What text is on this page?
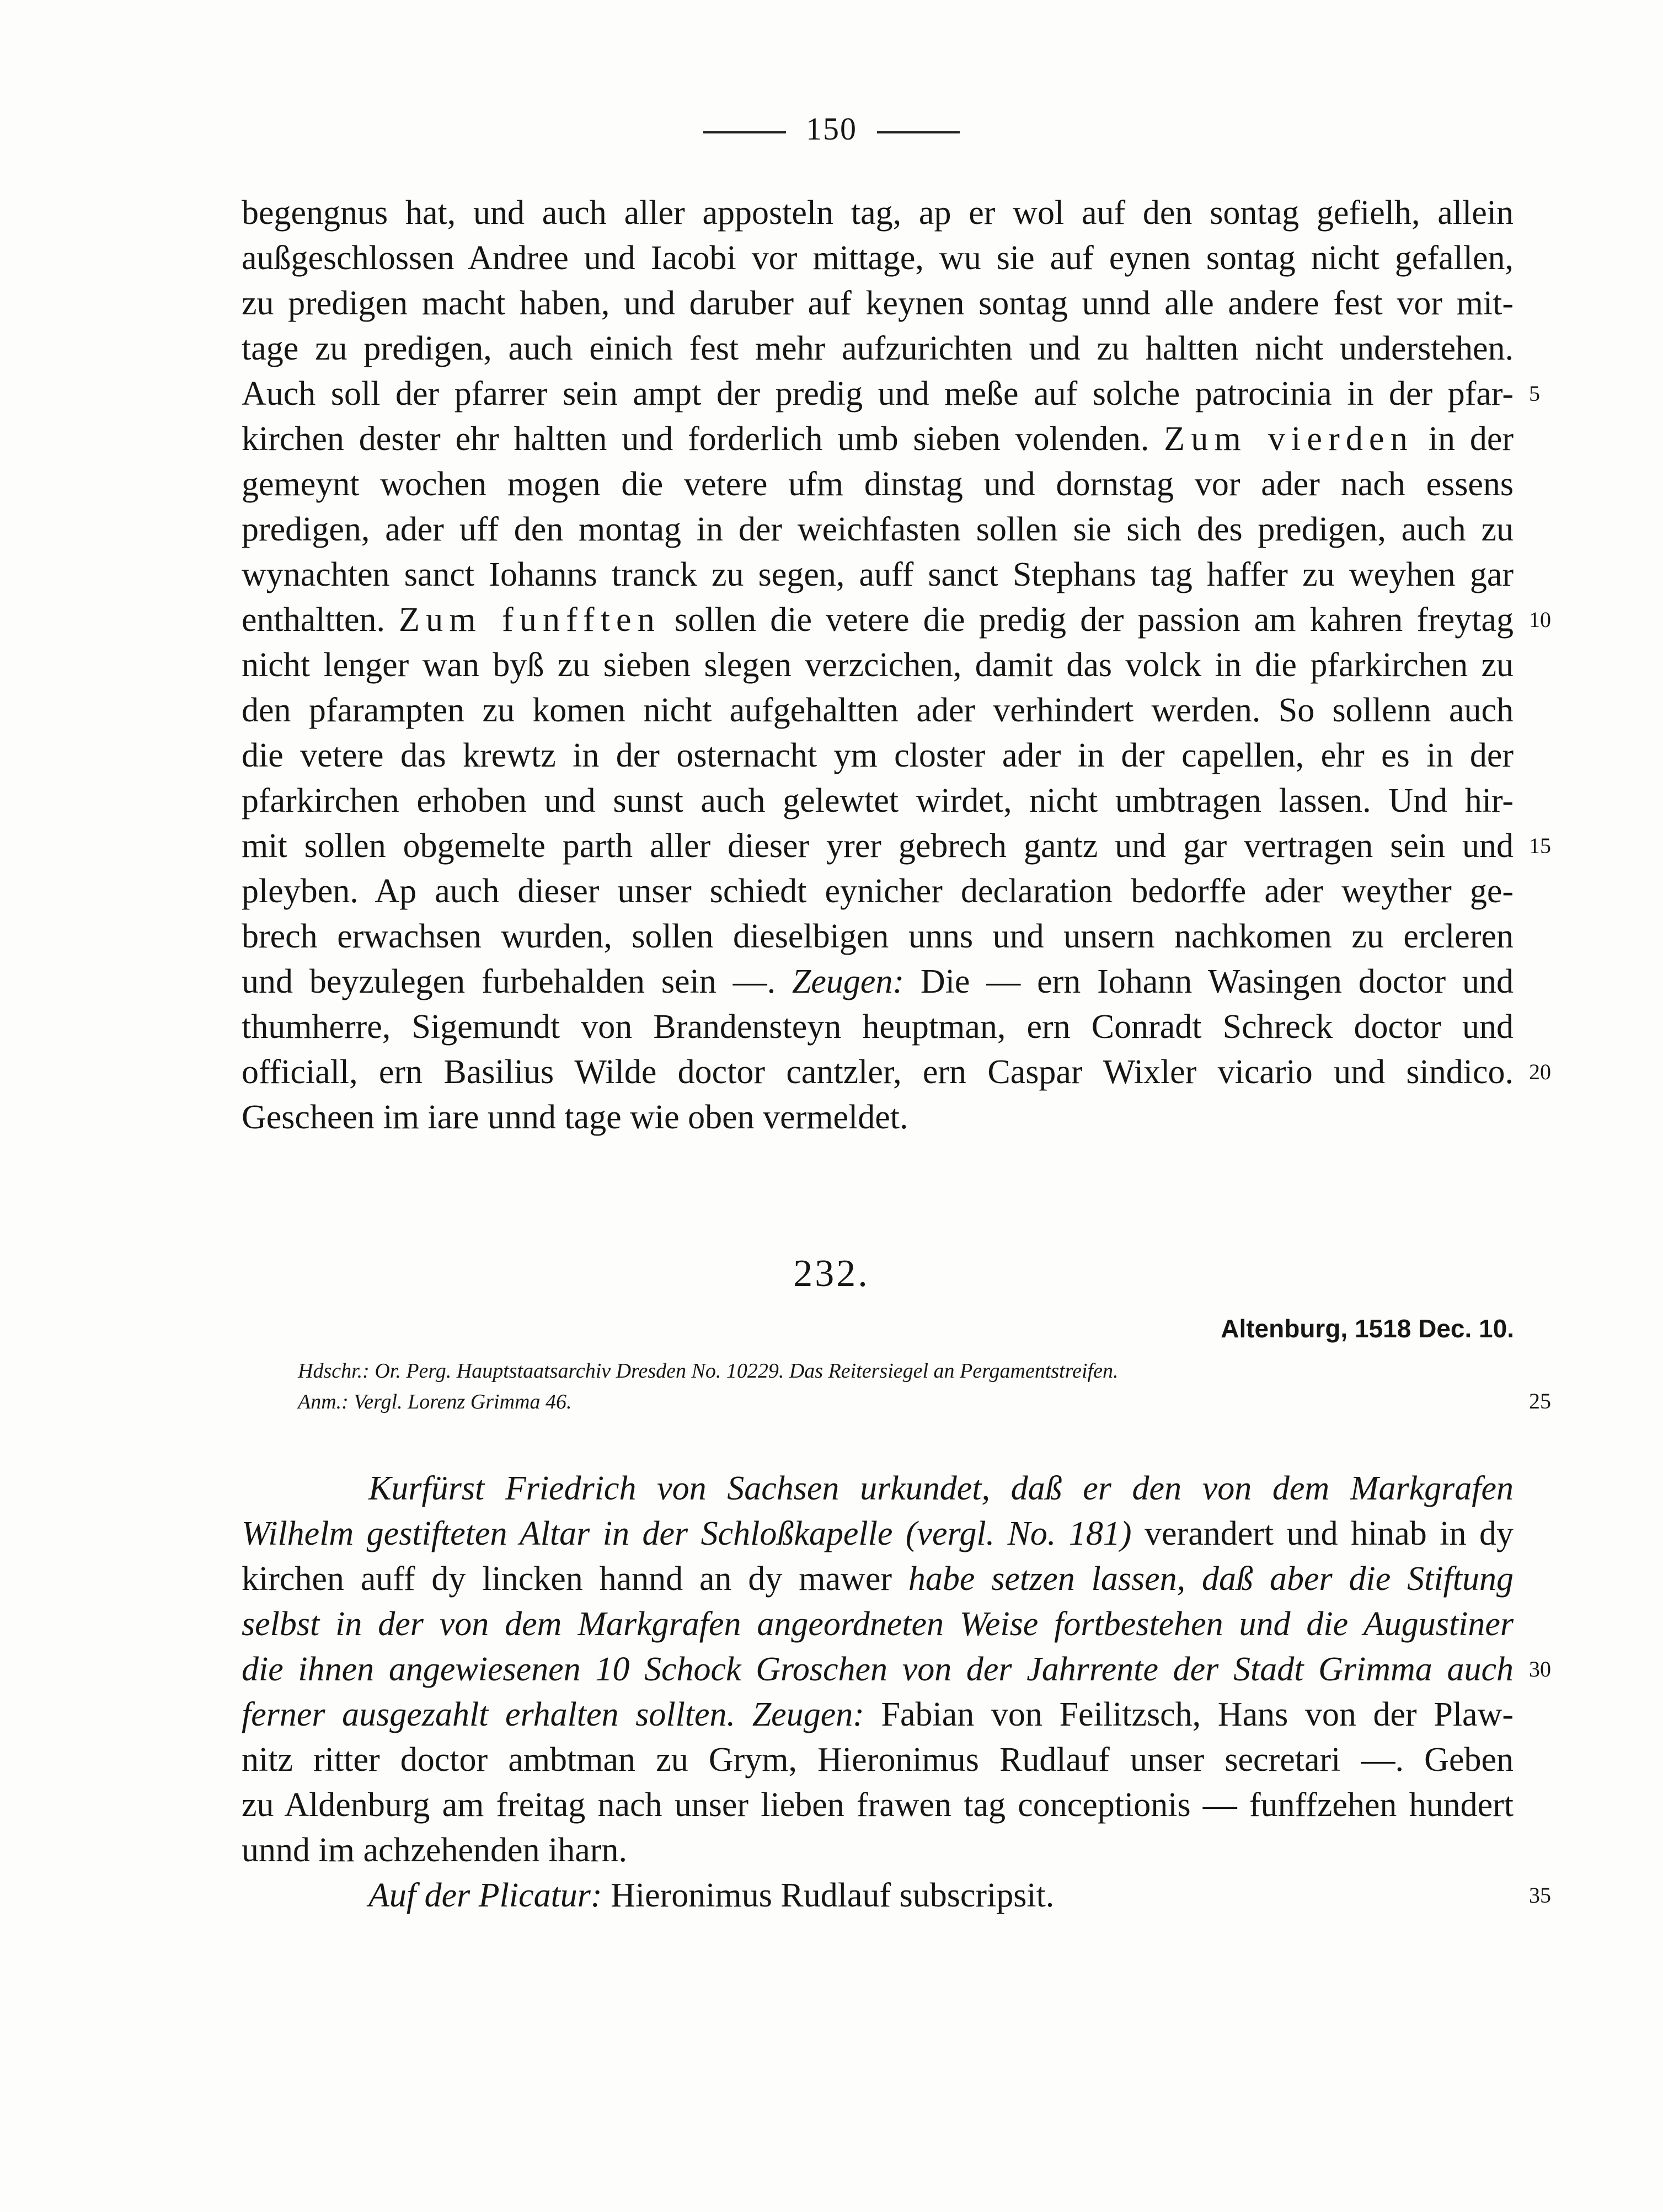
150
begengnus hat, und auch aller apposteln tag, ap er wol auf den sontag gefielh, allein
außgeschlossen Andree und Iacobi vor mittage, wu sie auf eynen sontag nicht gefallen,
zu predigen macht haben, und daruber auf keynen sontag unnd alle andere fest vor mit-
tage zu predigen, auch einich fest mehr aufzurichten und zu haltten nicht understehen.
Auch soll der pfarrer sein ampt der predig und meße auf solche patrocinia in der pfar- 5
kirchen dester ehr haltten und forderlich umb sieben volenden. Zum vierden in der
gemeynt wochen mogen die vetere ufm dinstag und dornstag vor ader nach essens
predigen, ader uff den montag in der weichfasten sollen sie sich des predigen, auch zu
wynachten sanct Iohanns tranck zu segen, auff sanct Stephans tag haffer zu weyhen gar
enthaltten. Zum funfften sollen die vetere die predig der passion am kahren freytag 10
nicht lenger wan byß zu sieben slegen verzcichen, damit das volck in die pfarkirchen zu
den pfarampten zu komen nicht aufgehaltten ader verhindert werden. So sollenn auch
die vetere das krewtz in der osternacht ym closter ader in der capellen, ehr es in der
pfarkirchen erhoben und sunst auch gelewtet wirdet, nicht umbtragen lassen. Und hir-
mit sollen obgemelte parth aller dieser yrer gebrech gantz und gar vertragen sein und 15
pleyben. Ap auch dieser unser schiedt eynicher declaration bedorffe ader weyther ge-
brech erwachsen wurden, sollen dieselbigen unns und unsern nachkomen zu ercleren
und beyzulegen furbehalden sein —. Zeugen: Die — ern Iohann Wasingen doctor und
thumherre, Sigemundt von Brandensteyn heuptman, ern Conradt Schreck doctor und
officiall, ern Basilius Wilde doctor cantzler, ern Caspar Wixler vicario und sindico. 20
Gescheen im iare unnd tage wie oben vermeldet.
232.
Altenburg, 1518 Dec. 10.
Hdschr.: Or. Perg. Hauptstaatsarchiv Dresden No. 10229. Das Reitersiegel an Pergamentstreifen.
Anm.: Vergl. Lorenz Grimma 46.	25
Kurfürst Friedrich von Sachsen urkundet, daß er den von dem Markgrafen
Wilhelm gestifteten Altar in der Schloßkapelle (vergl. No. 181) verandert und hinab in dy
kirchen auff dy lincken hannd an dy mawer habe setzen lassen, daß aber die Stiftung
selbst in der von dem Markgrafen angeordneten Weise fortbestehen und die Augustiner
die ihnen angewiesenen 10 Schock Groschen von der Jahrrente der Stadt Grimma auch 30
ferner ausgezahlt erhalten sollten. Zeugen: Fabian von Feilitzsch, Hans von der Plaw-
nitz ritter doctor ambtman zu Grym, Hieronimus Rudlauf unser secretari —. Geben
zu Aldenburg am freitag nach unser lieben frawen tag conceptionis — funffzehen hundert
unnd im achzehenden iharn.
Auf der Plicatur: Hieronimus Rudlauf subscripsit.	35
